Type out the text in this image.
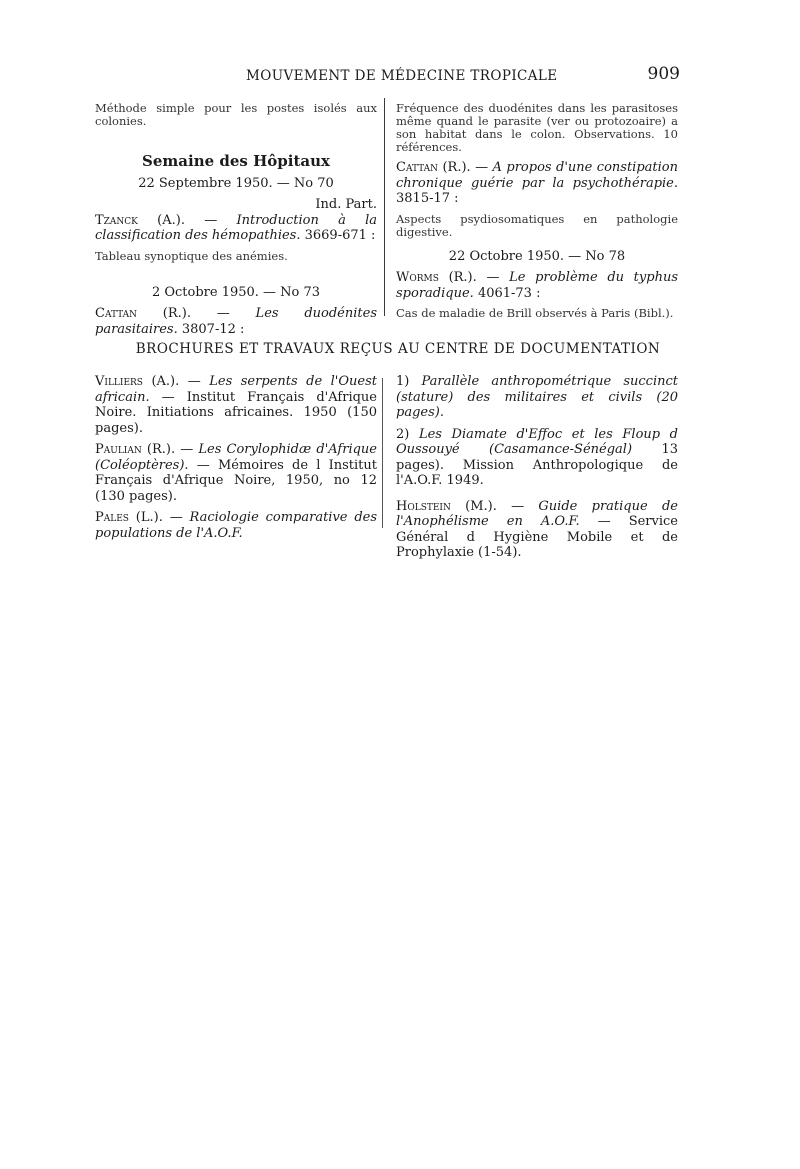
MOUVEMENT DE MÉDECINE TROPICALE	909

Méthode simple pour les postes isolés aux colonies.

Semaine des Hôpitaux

22 Septembre 1950. — No 70

Ind. Part.

Tzanck (A.). — Introduction à la classification des hémopathies. 3669-671 :

Tableau synoptique des anémies.

2 Octobre 1950. — No 73

Cattan (R.). — Les duodénites parasitaires. 3807-12 :

Fréquence des duodénites dans les parasitoses même quand le parasite (ver ou protozoaire) a son habitat dans le colon. Observations. 10 références.

Cattan (R.). — A propos d'une constipation chronique guérie par la psychothérapie. 3815-17 :

Aspects psydiosomatiques en pathologie digestive.

22 Octobre 1950. — No 78

Worms (R.). — Le problème du typhus sporadique. 4061-73 :

Cas de maladie de Brill observés à Paris (Bibl.).

BROCHURES ET TRAVAUX REÇUS AU CENTRE DE DOCUMENTATION

Villiers (A.). — Les serpents de l'Ouest africain. — Institut Français d'Afrique Noire. Initiations africaines. 1950 (150 pages).

Paulian (R.). — Les Corylophidæ d'Afrique (Coléoptères). — Mémoires de l Institut Français d'Afrique Noire, 1950, no 12 (130 pages).

Pales (L.). — Raciologie comparative des populations de l'A.O.F.

1) Parallèle anthropométrique succinct (stature) des militaires et civils (20 pages).

2) Les Diamate d'Effoc et les Floup d Oussouyé (Casamance-Sénégal) 13 pages). Mission Anthropologique de l'A.O.F. 1949.

Holstein (M.). — Guide pratique de l'Anophélisme en A.O.F. — Service Général d Hygiène Mobile et de Prophylaxie (1-54).
